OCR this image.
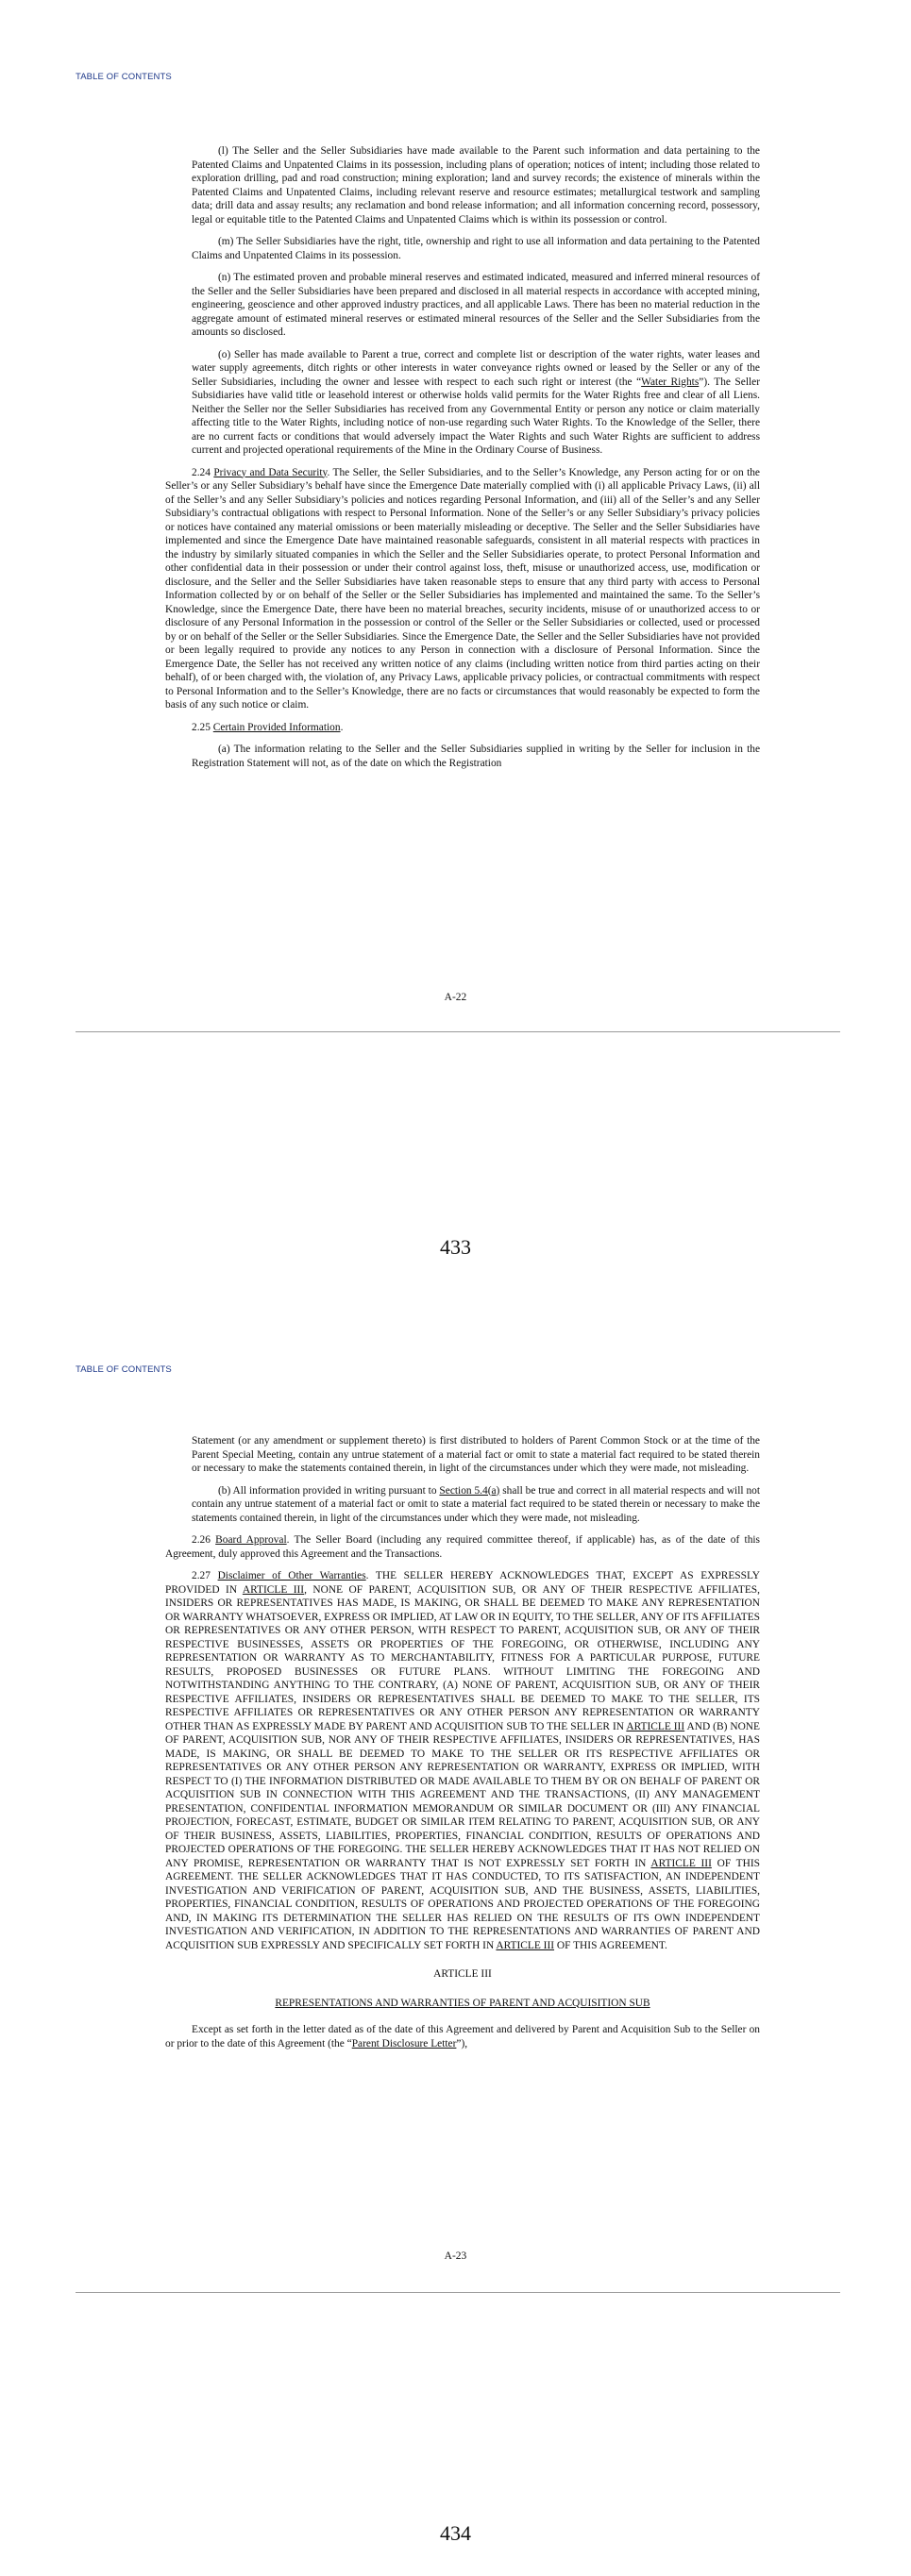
TABLE OF CONTENTS

(l) The Seller and the Seller Subsidiaries have made available to the Parent such information and data pertaining to the Patented Claims and Unpatented Claims in its possession, including plans of operation; notices of intent; including those related to exploration drilling, pad and road construction; mining exploration; land and survey records; the existence of minerals within the Patented Claims and Unpatented Claims, including relevant reserve and resource estimates; metallurgical testwork and sampling data; drill data and assay results; any reclamation and bond release information; and all information concerning record, possessory, legal or equitable title to the Patented Claims and Unpatented Claims which is within its possession or control.

(m) The Seller Subsidiaries have the right, title, ownership and right to use all information and data pertaining to the Patented Claims and Unpatented Claims in its possession.

(n) The estimated proven and probable mineral reserves and estimated indicated, measured and inferred mineral resources of the Seller and the Seller Subsidiaries have been prepared and disclosed in all material respects in accordance with accepted mining, engineering, geoscience and other approved industry practices, and all applicable Laws. There has been no material reduction in the aggregate amount of estimated mineral reserves or estimated mineral resources of the Seller and the Seller Subsidiaries from the amounts so disclosed.

(o) Seller has made available to Parent a true, correct and complete list or description of the water rights, water leases and water supply agreements, ditch rights or other interests in water conveyance rights owned or leased by the Seller or any of the Seller Subsidiaries, including the owner and lessee with respect to each such right or interest (the “Water Rights”). The Seller Subsidiaries have valid title or leasehold interest or otherwise holds valid permits for the Water Rights free and clear of all Liens. Neither the Seller nor the Seller Subsidiaries has received from any Governmental Entity or person any notice or claim materially affecting title to the Water Rights, including notice of non-use regarding such Water Rights. To the Knowledge of the Seller, there are no current facts or conditions that would adversely impact the Water Rights and such Water Rights are sufficient to address current and projected operational requirements of the Mine in the Ordinary Course of Business.

2.24 Privacy and Data Security. The Seller, the Seller Subsidiaries, and to the Seller’s Knowledge, any Person acting for or on the Seller’s or any Seller Subsidiary’s behalf have since the Emergence Date materially complied with (i) all applicable Privacy Laws, (ii) all of the Seller’s and any Seller Subsidiary’s policies and notices regarding Personal Information, and (iii) all of the Seller’s and any Seller Subsidiary’s contractual obligations with respect to Personal Information. None of the Seller’s or any Seller Subsidiary’s privacy policies or notices have contained any material omissions or been materially misleading or deceptive. The Seller and the Seller Subsidiaries have implemented and since the Emergence Date have maintained reasonable safeguards, consistent in all material respects with practices in the industry by similarly situated companies in which the Seller and the Seller Subsidiaries operate, to protect Personal Information and other confidential data in their possession or under their control against loss, theft, misuse or unauthorized access, use, modification or disclosure, and the Seller and the Seller Subsidiaries have taken reasonable steps to ensure that any third party with access to Personal Information collected by or on behalf of the Seller or the Seller Subsidiaries has implemented and maintained the same. To the Seller’s Knowledge, since the Emergence Date, there have been no material breaches, security incidents, misuse of or unauthorized access to or disclosure of any Personal Information in the possession or control of the Seller or the Seller Subsidiaries or collected, used or processed by or on behalf of the Seller or the Seller Subsidiaries. Since the Emergence Date, the Seller and the Seller Subsidiaries have not provided or been legally required to provide any notices to any Person in connection with a disclosure of Personal Information. Since the Emergence Date, the Seller has not received any written notice of any claims (including written notice from third parties acting on their behalf), of or been charged with, the violation of, any Privacy Laws, applicable privacy policies, or contractual commitments with respect to Personal Information and to the Seller’s Knowledge, there are no facts or circumstances that would reasonably be expected to form the basis of any such notice or claim.

2.25 Certain Provided Information.

(a) The information relating to the Seller and the Seller Subsidiaries supplied in writing by the Seller for inclusion in the Registration Statement will not, as of the date on which the Registration

A-22
433
TABLE OF CONTENTS

Statement (or any amendment or supplement thereto) is first distributed to holders of Parent Common Stock or at the time of the Parent Special Meeting, contain any untrue statement of a material fact or omit to state a material fact required to be stated therein or necessary to make the statements contained therein, in light of the circumstances under which they were made, not misleading.

(b) All information provided in writing pursuant to Section 5.4(a) shall be true and correct in all material respects and will not contain any untrue statement of a material fact or omit to state a material fact required to be stated therein or necessary to make the statements contained therein, in light of the circumstances under which they were made, not misleading.

2.26 Board Approval. The Seller Board (including any required committee thereof, if applicable) has, as of the date of this Agreement, duly approved this Agreement and the Transactions.

2.27 Disclaimer of Other Warranties. THE SELLER HEREBY ACKNOWLEDGES THAT, EXCEPT AS EXPRESSLY PROVIDED IN ARTICLE III, NONE OF PARENT, ACQUISITION SUB, OR ANY OF THEIR RESPECTIVE AFFILIATES, INSIDERS OR REPRESENTATIVES HAS MADE, IS MAKING, OR SHALL BE DEEMED TO MAKE ANY REPRESENTATION OR WARRANTY WHATSOEVER, EXPRESS OR IMPLIED, AT LAW OR IN EQUITY, TO THE SELLER, ANY OF ITS AFFILIATES OR REPRESENTATIVES OR ANY OTHER PERSON, WITH RESPECT TO PARENT, ACQUISITION SUB, OR ANY OF THEIR RESPECTIVE BUSINESSES, ASSETS OR PROPERTIES OF THE FOREGOING, OR OTHERWISE, INCLUDING ANY REPRESENTATION OR WARRANTY AS TO MERCHANTABILITY, FITNESS FOR A PARTICULAR PURPOSE, FUTURE RESULTS, PROPOSED BUSINESSES OR FUTURE PLANS. WITHOUT LIMITING THE FOREGOING AND NOTWITHSTANDING ANYTHING TO THE CONTRARY, (A) NONE OF PARENT, ACQUISITION SUB, OR ANY OF THEIR RESPECTIVE AFFILIATES, INSIDERS OR REPRESENTATIVES SHALL BE DEEMED TO MAKE TO THE SELLER, ITS RESPECTIVE AFFILIATES OR REPRESENTATIVES OR ANY OTHER PERSON ANY REPRESENTATION OR WARRANTY OTHER THAN AS EXPRESSLY MADE BY PARENT AND ACQUISITION SUB TO THE SELLER IN ARTICLE III AND (B) NONE OF PARENT, ACQUISITION SUB, NOR ANY OF THEIR RESPECTIVE AFFILIATES, INSIDERS OR REPRESENTATIVES, HAS MADE, IS MAKING, OR SHALL BE DEEMED TO MAKE TO THE SELLER OR ITS RESPECTIVE AFFILIATES OR REPRESENTATIVES OR ANY OTHER PERSON ANY REPRESENTATION OR WARRANTY, EXPRESS OR IMPLIED, WITH RESPECT TO (I) THE INFORMATION DISTRIBUTED OR MADE AVAILABLE TO THEM BY OR ON BEHALF OF PARENT OR ACQUISITION SUB IN CONNECTION WITH THIS AGREEMENT AND THE TRANSACTIONS, (II) ANY MANAGEMENT PRESENTATION, CONFIDENTIAL INFORMATION MEMORANDUM OR SIMILAR DOCUMENT OR (III) ANY FINANCIAL PROJECTION, FORECAST, ESTIMATE, BUDGET OR SIMILAR ITEM RELATING TO PARENT, ACQUISITION SUB, OR ANY OF THEIR BUSINESS, ASSETS, LIABILITIES, PROPERTIES, FINANCIAL CONDITION, RESULTS OF OPERATIONS AND PROJECTED OPERATIONS OF THE FOREGOING. THE SELLER HEREBY ACKNOWLEDGES THAT IT HAS NOT RELIED ON ANY PROMISE, REPRESENTATION OR WARRANTY THAT IS NOT EXPRESSLY SET FORTH IN ARTICLE III OF THIS AGREEMENT. THE SELLER ACKNOWLEDGES THAT IT HAS CONDUCTED, TO ITS SATISFACTION, AN INDEPENDENT INVESTIGATION AND VERIFICATION OF PARENT, ACQUISITION SUB, AND THE BUSINESS, ASSETS, LIABILITIES, PROPERTIES, FINANCIAL CONDITION, RESULTS OF OPERATIONS AND PROJECTED OPERATIONS OF THE FOREGOING AND, IN MAKING ITS DETERMINATION THE SELLER HAS RELIED ON THE RESULTS OF ITS OWN INDEPENDENT INVESTIGATION AND VERIFICATION, IN ADDITION TO THE REPRESENTATIONS AND WARRANTIES OF PARENT AND ACQUISITION SUB EXPRESSLY AND SPECIFICALLY SET FORTH IN ARTICLE III OF THIS AGREEMENT.

ARTICLE III

REPRESENTATIONS AND WARRANTIES OF PARENT AND ACQUISITION SUB

Except as set forth in the letter dated as of the date of this Agreement and delivered by Parent and Acquisition Sub to the Seller on or prior to the date of this Agreement (the “Parent Disclosure Letter”),

A-23
434
